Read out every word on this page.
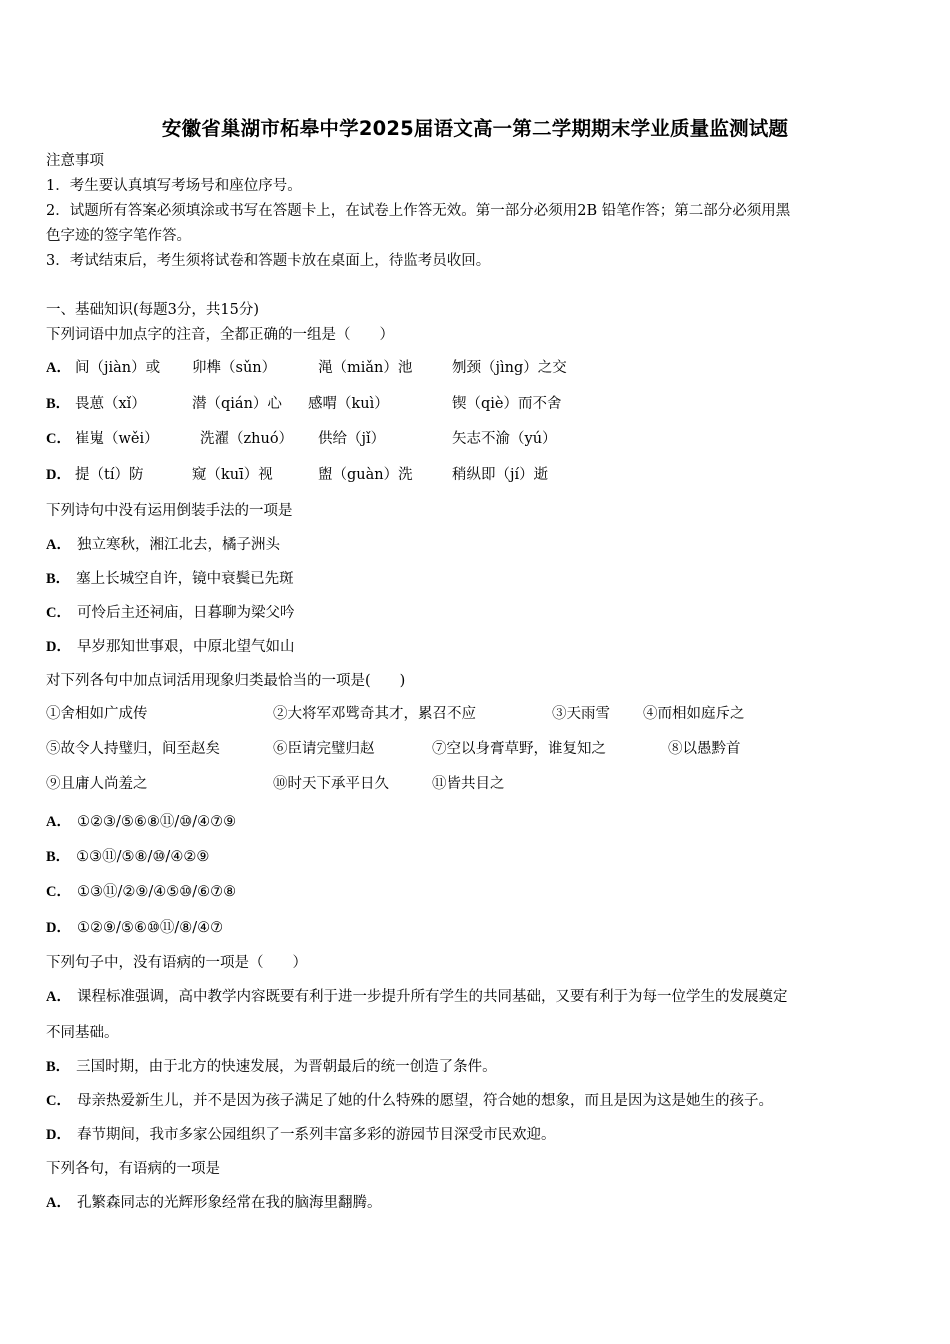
安徽省巢湖市柘皋中学2025届语文高一第二学期期末学业质量监测试题
注意事项
1．考生要认真填写考场号和座位序号。
2．试题所有答案必须填涂或书写在答题卡上，在试卷上作答无效。第一部分必须用2B 铅笔作答；第二部分必须用黑
色字迹的签字笔作答。
3．考试结束后，考生须将试卷和答题卡放在桌面上，待监考员收回。
一、基础知识(每题3分，共15分)
下列词语中加点字的注音，全都正确的一组是（　　）
A． 间（jiàn）或 卯榫（sǔn）	渑（miǎn）池	刎颈（jìng）之交
B． 畏葸（xǐ）	潜（qián）心 感喟（kuì）	锲（qiè）而不舍
C． 崔嵬（wěi）	洗濯（zhuó） 供给（jǐ）	矢志不渝（yú）
D． 提（tí）防	窥（kuī）视	盥（guàn）洗	稍纵即（jí）逝
下列诗句中没有运用倒装手法的一项是
A． 独立寒秋，湘江北去，橘子洲头
B． 塞上长城空自许，镜中衰鬓已先斑
C． 可怜后主还祠庙，日暮聊为梁父吟
D． 早岁那知世事艰，中原北望气如山
对下列各句中加点词活用现象归类最恰当的一项是(　　)
①舍相如广成传	②大将军邓骘奇其才，累召不应	③天雨雪 ④而相如庭斥之
⑤故令人持璧归，间至赵矣	⑥臣请完璧归赵	⑦空以身膏草野，谁复知之	⑧以愚黔首
⑨且庸人尚羞之	⑩时天下承平日久	⑪皆共目之
A． ①②③/⑤⑥⑧⑪/⑩/④⑦⑨
B． ①③⑪/⑤⑧/⑩/④②⑨
C． ①③⑪/②⑨/④⑤⑩/⑥⑦⑧
D． ①②⑨/⑤⑥⑩⑪/⑧/④⑦
下列句子中，没有语病的一项是（　　）
A． 课程标准强调，高中教学内容既要有利于进一步提升所有学生的共同基础，又要有利于为每一位学生的发展奠定
不同基础。
B． 三国时期，由于北方的快速发展，为晋朝最后的统一创造了条件。
C． 母亲热爱新生儿，并不是因为孩子满足了她的什么特殊的愿望，符合她的想象，而且是因为这是她生的孩子。
D． 春节期间，我市多家公园组织了一系列丰富多彩的游园节目深受市民欢迎。
下列各句，有语病的一项是
A． 孔繁森同志的光辉形象经常在我的脑海里翻腾。
